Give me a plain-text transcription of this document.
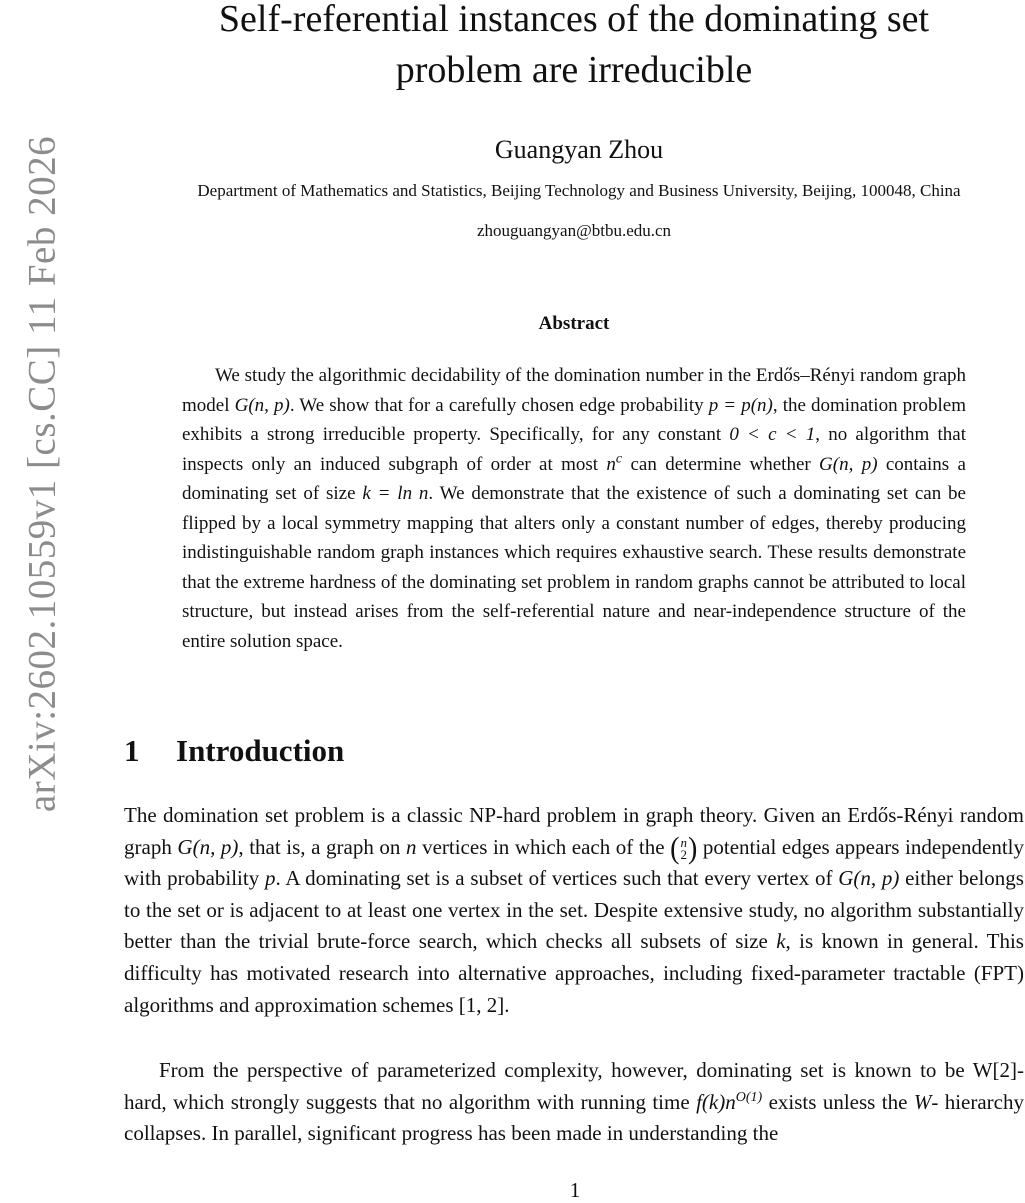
arXiv:2602.10559v1 [cs.CC] 11 Feb 2026
Self-referential instances of the dominating set
problem are irreducible
Guangyan Zhou
Department of Mathematics and Statistics, Beijing Technology and Business University, Beijing, 100048, China
zhouguangyan@btbu.edu.cn
Abstract

We study the algorithmic decidability of the domination number in the Erdős–Rényi random graph model G(n, p). We show that for a carefully chosen edge probability p = p(n), the domination problem exhibits a strong irreducible property. Specifically, for any constant 0 < c < 1, no algorithm that inspects only an induced subgraph of order at most $n^c$ can determine whether G(n, p) contains a dominating set of size k = ln n. We demonstrate that the existence of such a dominating set can be flipped by a local symmetry mapping that alters only a constant number of edges, thereby producing indistinguishable random graph instances which requires exhaustive search. These results demonstrate that the extreme hardness of the dominating set problem in random graphs cannot be attributed to local structure, but instead arises from the self-referential nature and near-independence structure of the entire solution space.

1 Introduction

The domination set problem is a classic NP-hard problem in graph theory. Given an Erdős-Rényi random graph G(n, p), that is, a graph on n vertices in which each of the ( n
2 ) potential edges appears independently with probability p. A dominating set is a subset of vertices such that every vertex of G(n, p) either belongs to the set or is adjacent to at least one vertex in the set. Despite extensive study, no algorithm substantially better than the trivial brute-force search, which checks all subsets of size k, is known in general. This difficulty has motivated research into alternative approaches, including fixed-parameter tractable (FPT) algorithms and approximation schemes [1, 2].

From the perspective of parameterized complexity, however, dominating set is known to be W[2]-hard, which strongly suggests that no algorithm with running time $f(k)n^{O(1)}$ exists unless the W- hierarchy collapses. In parallel, significant progress has been made in understanding the

1
